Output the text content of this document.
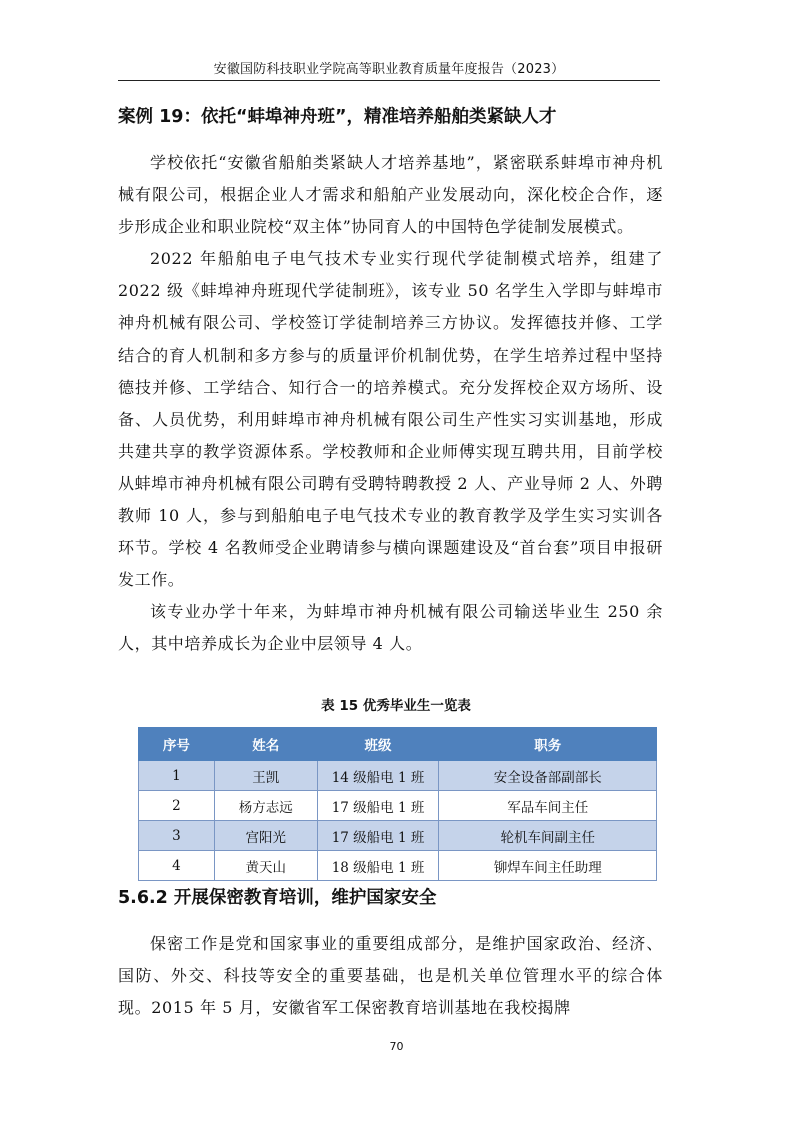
安徽国防科技职业学院高等职业教育质量年度报告（2023）
案例 19：依托“蚌埠神舟班”，精准培养船舶类紧缺人才

学校依托“安徽省船舶类紧缺人才培养基地”，紧密联系蚌埠市神舟机械有限公司，根据企业人才需求和船舶产业发展动向，深化校企合作，逐步形成企业和职业院校“双主体”协同育人的中国特色学徒制发展模式。

2022 年船舶电子电气技术专业实行现代学徒制模式培养，组建了 2022 级《蚌埠神舟班现代学徒制班》，该专业 50 名学生入学即与蚌埠市神舟机械有限公司、学校签订学徒制培养三方协议。发挥德技并修、工学结合的育人机制和多方参与的质量评价机制优势，在学生培养过程中坚持德技并修、工学结合、知行合一的培养模式。充分发挥校企双方场所、设备、人员优势，利用蚌埠市神舟机械有限公司生产性实习实训基地，形成共建共享的教学资源体系。学校教师和企业师傅实现互聘共用，目前学校从蚌埠市神舟机械有限公司聘有受聘特聘教授 2 人、产业导师 2 人、外聘教师 10 人，参与到船舶电子电气技术专业的教育教学及学生实习实训各环节。学校 4 名教师受企业聘请参与横向课题建设及“首台套”项目申报研发工作。

该专业办学十年来，为蚌埠市神舟机械有限公司输送毕业生 250 余人，其中培养成长为企业中层领导 4 人。

表 15 优秀毕业生一览表
序号	姓名	班级	职务
1	王凯	14 级船电 1 班	安全设备部副部长
2	杨方志远	17 级船电 1 班	军品车间主任
3	宫阳光	17 级船电 1 班	轮机车间副主任
4	黄天山	18 级船电 1 班	铆焊车间主任助理
5.6.2 开展保密教育培训，维护国家安全

保密工作是党和国家事业的重要组成部分，是维护国家政治、经济、国防、外交、科技等安全的重要基础，也是机关单位管理水平的综合体现。2015 年 5 月，安徽省军工保密教育培训基地在我校揭牌

70
